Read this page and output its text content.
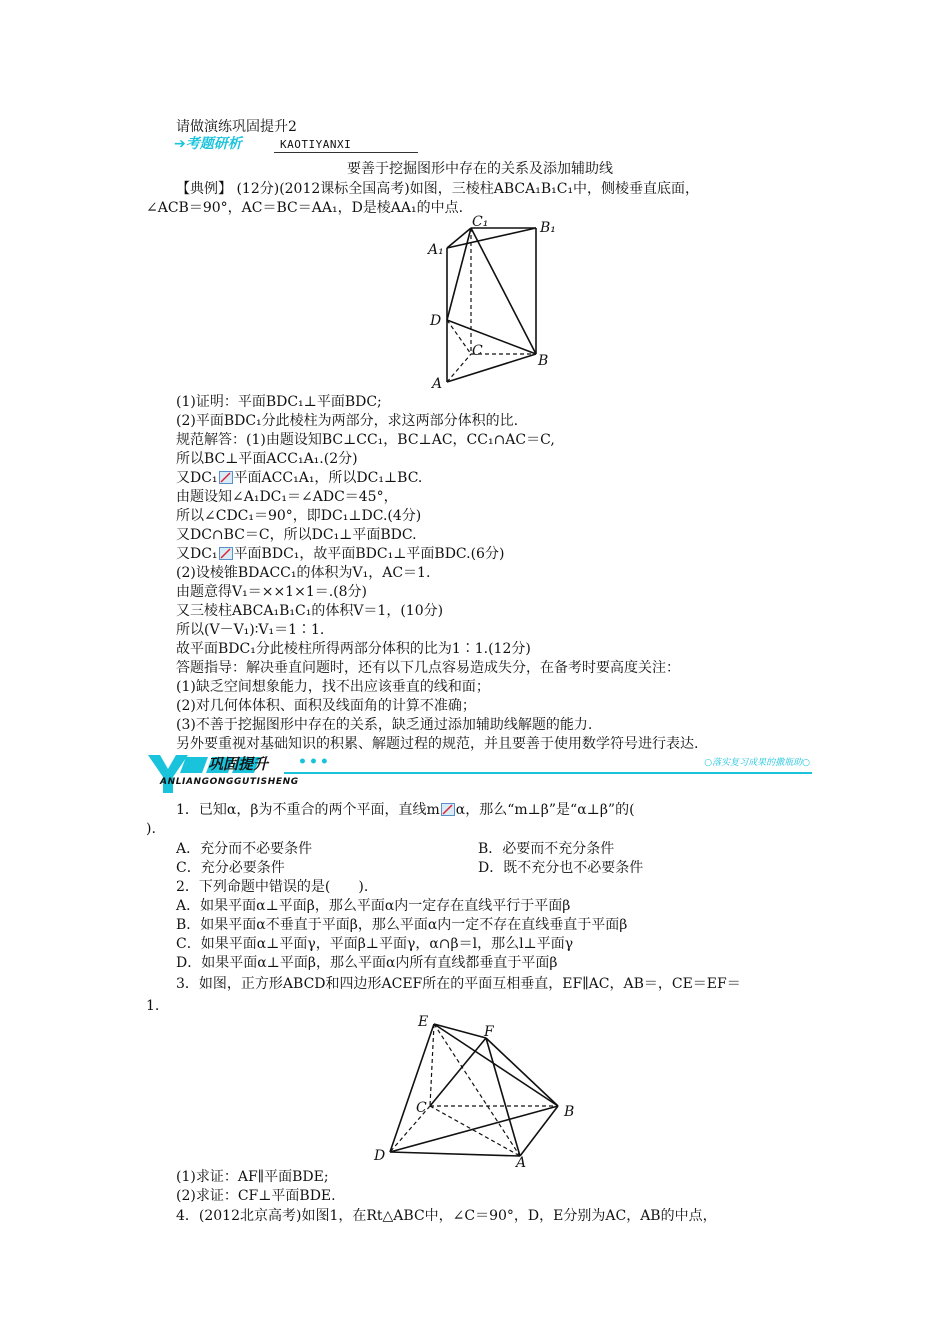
请做演练巩固提升2
➔考题研析	KAOTIYANXI
要善于挖掘图形中存在的关系及添加辅助线
【典例】 (12分)(2012课标全国高考)如图，三棱柱ABCA₁B₁C₁中，侧棱垂直底面，
∠ACB＝90°，AC＝BC＝AA₁，D是棱AA₁的中点.
C₁	B₁
A₁
D
C
B
A
(1)证明：平面BDC₁⊥平面BDC;
(2)平面BDC₁分此棱柱为两部分，求这两部分体积的比.
规范解答：(1)由题设知BC⊥CC₁，BC⊥AC，CC₁∩AC＝C,
所以BC⊥平面ACC₁A₁.(2分)
又DC₁ 平面ACC₁A₁，所以DC₁⊥BC.
由题设知∠A₁DC₁＝∠ADC＝45°，
所以∠CDC₁＝90°，即DC₁⊥DC.(4分)
又DC∩BC＝C，所以DC₁⊥平面BDC.
又DC₁ 平面BDC₁，故平面BDC₁⊥平面BDC.(6分)
(2)设棱锥BDACC₁的体积为V₁，AC＝1.
由题意得V₁＝××1×1＝.(8分)
又三棱柱ABCA₁B₁C₁的体积V＝1，(10分)
所以(V－V₁)∶V₁＝1∶1.
故平面BDC₁分此棱柱所得两部分体积的比为1∶1.(12分)
答题指导：解决垂直问题时，还有以下几点容易造成失分，在备考时要高度关注：
(1)缺乏空间想象能力，找不出应该垂直的线和面；
(2)对几何体体积、面积及线面角的计算不准确；
(3)不善于挖掘图形中存在的关系，缺乏通过添加辅助线解题的能力.
另外要重视对基础知识的积累、解题过程的规范，并且要善于使用数学符号进行表达.
巩固提升 •••	○落实复习成果的撒瓶助○
ANLIANGONGGUTISHENG
1．已知α，β为不重合的两个平面，直线m α，那么“m⊥β”是“α⊥β”的(
).
A．充分而不必要条件	B．必要而不充分条件
C．充分必要条件	D．既不充分也不必要条件
2．下列命题中错误的是(　　).
A．如果平面α⊥平面β，那么平面α内一定存在直线平行于平面β
B．如果平面α不垂直于平面β，那么平面α内一定不存在直线垂直于平面β
C．如果平面α⊥平面γ，平面β⊥平面γ，α∩β＝l，那么l⊥平面γ
D．如果平面α⊥平面β，那么平面α内所有直线都垂直于平面β
3．如图，正方形ABCD和四边形ACEF所在的平面互相垂直，EF∥AC，AB＝，CE＝EF＝
1.
E
F
C	B
D	A
(1)求证：AF∥平面BDE;
(2)求证：CF⊥平面BDE.
4．(2012北京高考)如图1，在Rt△ABC中，∠C＝90°，D，E分别为AC，AB的中点，
